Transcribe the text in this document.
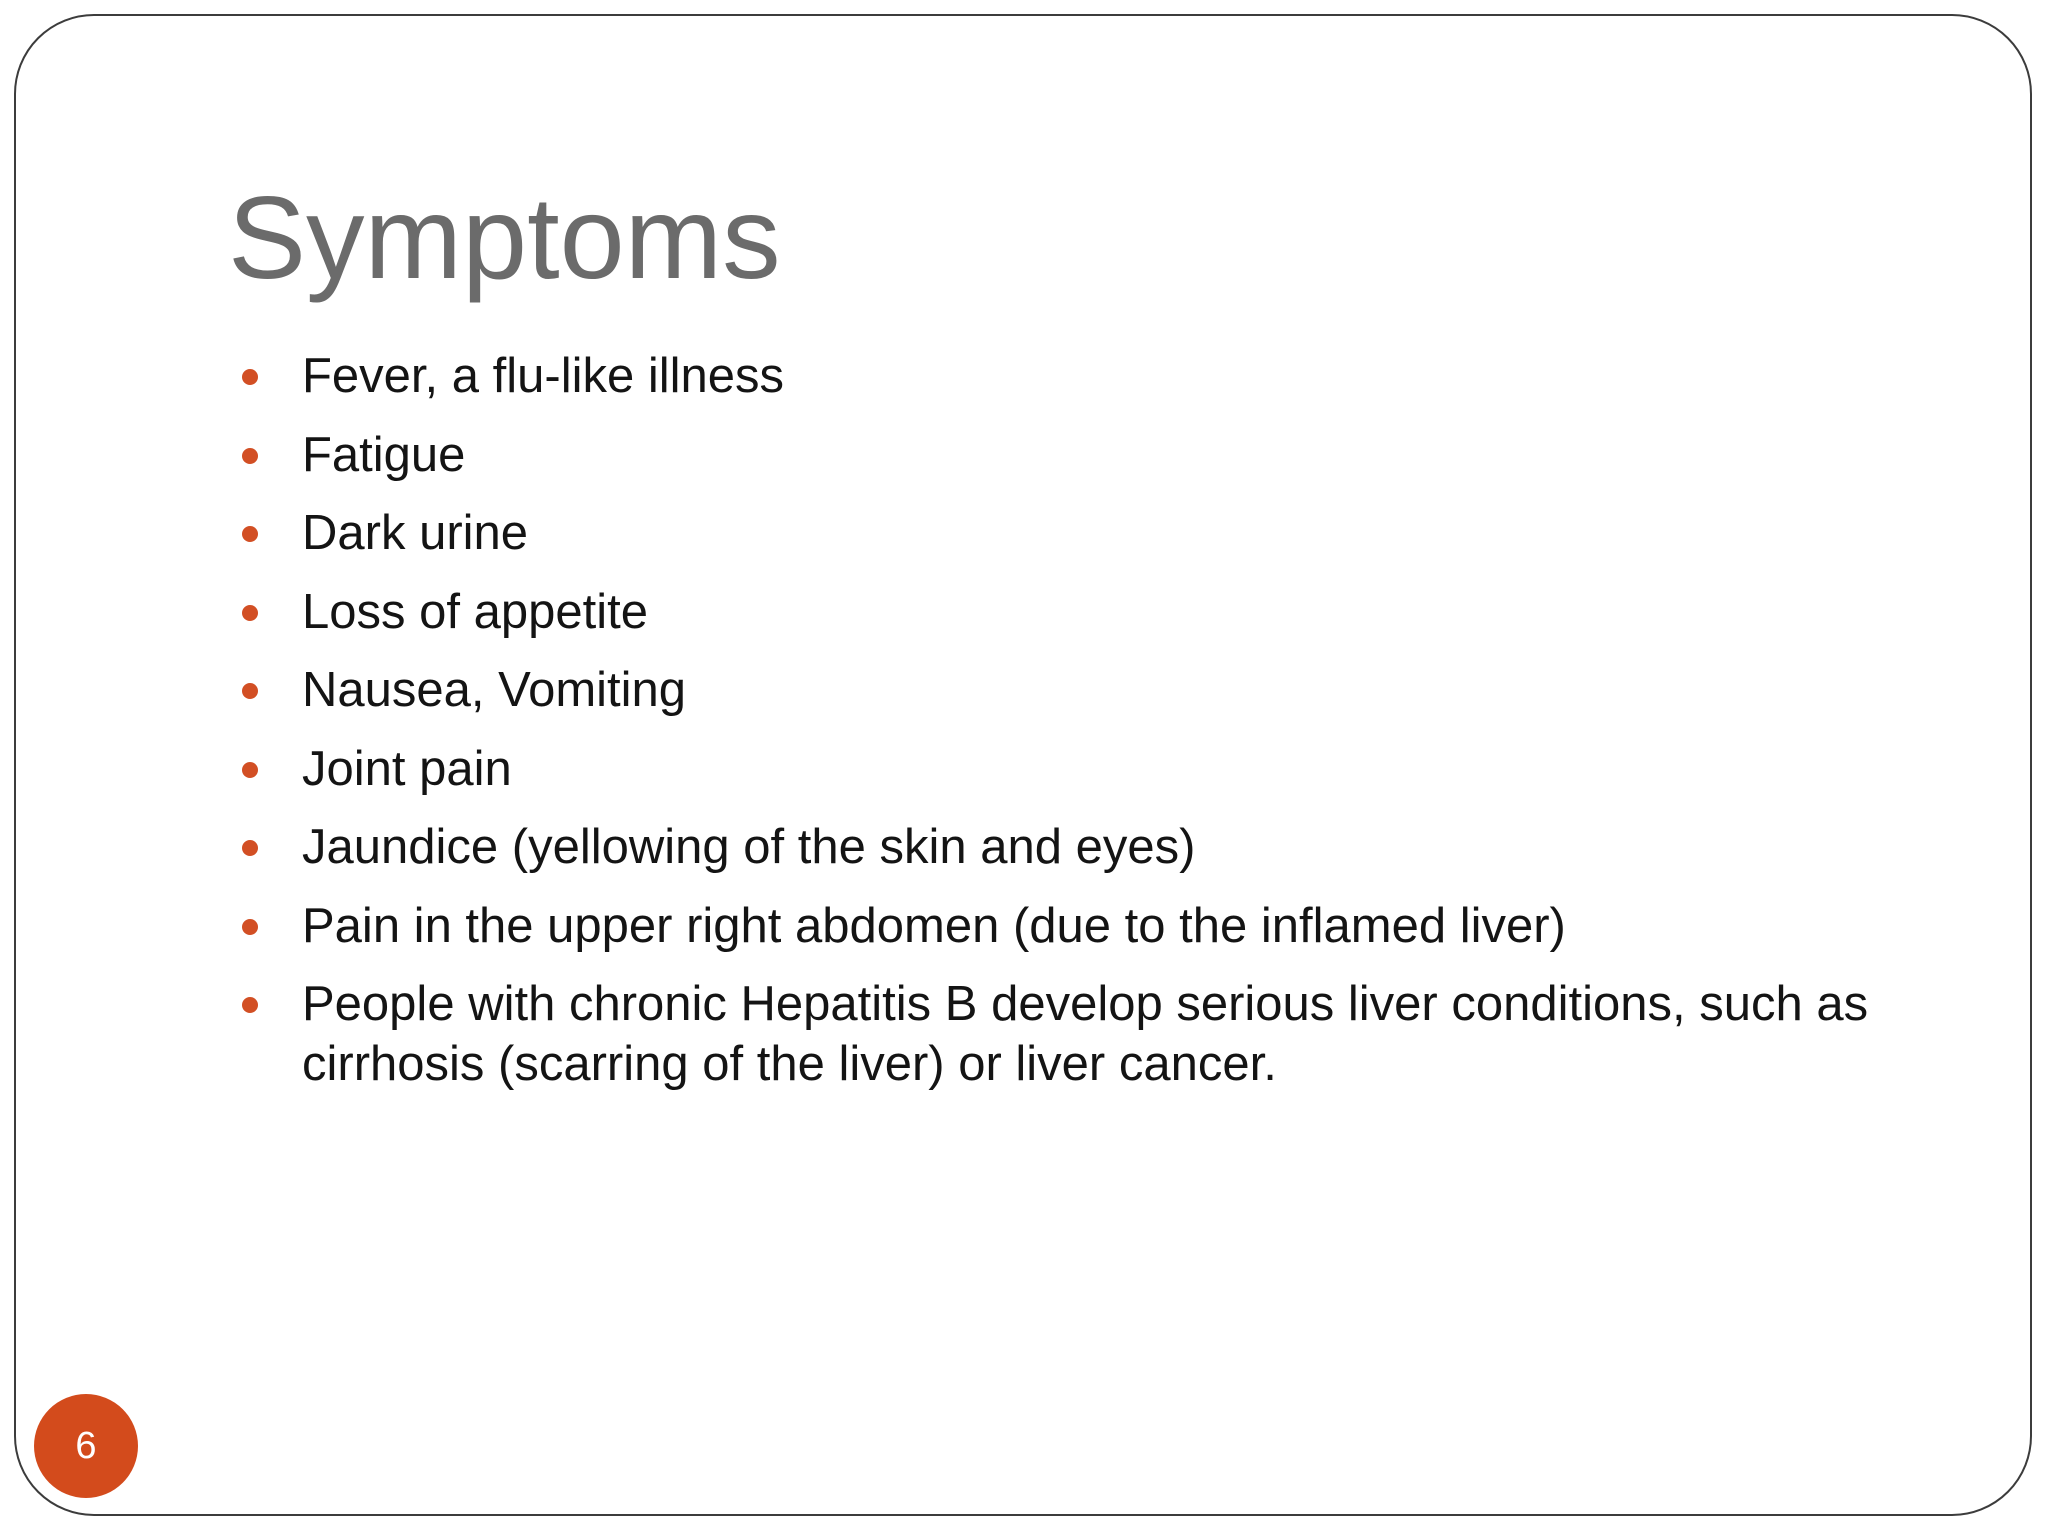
Symptoms
Fever, a flu-like illness
Fatigue
Dark urine
Loss of appetite
Nausea, Vomiting
Joint pain
Jaundice (yellowing of the skin and eyes)
Pain in the upper right abdomen (due to the inflamed liver)
People with chronic Hepatitis B develop serious liver conditions, such as cirrhosis (scarring of the liver) or liver cancer.
6
